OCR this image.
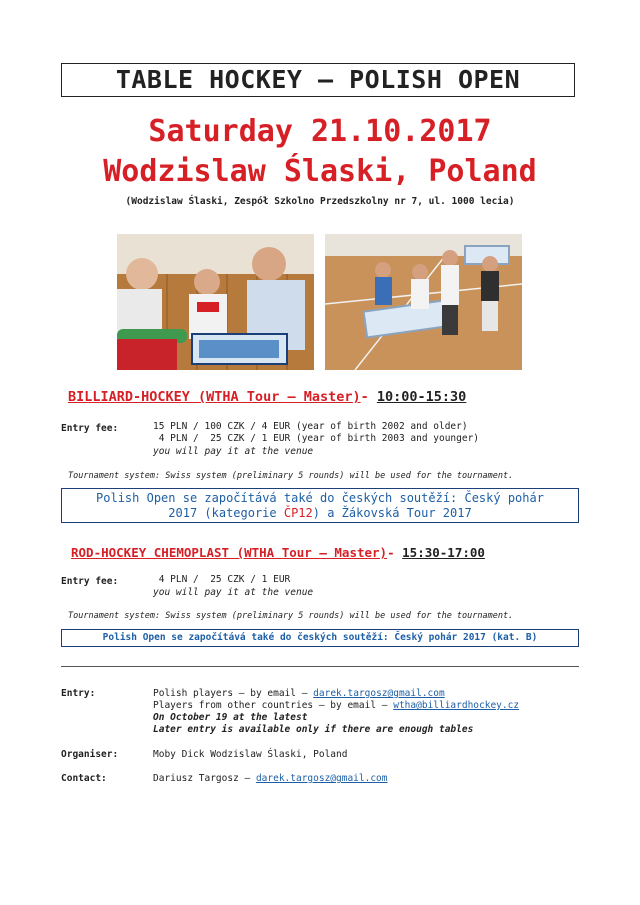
TABLE HOCKEY – POLISH OPEN
Saturday 21.10.2017
Wodzislaw Ślaski, Poland
(Wodzislaw Ślaski, Zespół Szkolno Przedszkolny nr 7, ul. 1000 lecia)
BILLIARD-HOCKEY (WTHA Tour – Master)- 10:00-15:30
Entry fee:	15 PLN / 100 CZK / 4 EUR (year of birth 2002 and older)
4 PLN /  25 CZK / 1 EUR (year of birth 2003 and younger)
you will pay it at the venue
Tournament system: Swiss system (preliminary 5 rounds) will be used for the tournament.
Polish Open se započítává také do českých soutěží: Český pohár
2017 (kategorie ČP12) a Žákovská Tour 2017
ROD-HOCKEY CHEMOPLAST (WTHA Tour – Master)- 15:30-17:00
Entry fee:	4 PLN /  25 CZK / 1 EUR
you will pay it at the venue
Tournament system: Swiss system (preliminary 5 rounds) will be used for the tournament.
Polish Open se započítává také do českých soutěží: Český pohár 2017 (kat. B)
Entry:	Polish players – by email – darek.targosz@gmail.com
Players from other countries – by email – wtha@billiardhockey.cz
On October 19 at the latest
Later entry is available only if there are enough tables
Organiser:	Moby Dick Wodzislaw Ślaski, Poland
Contact:	Dariusz Targosz – darek.targosz@gmail.com
